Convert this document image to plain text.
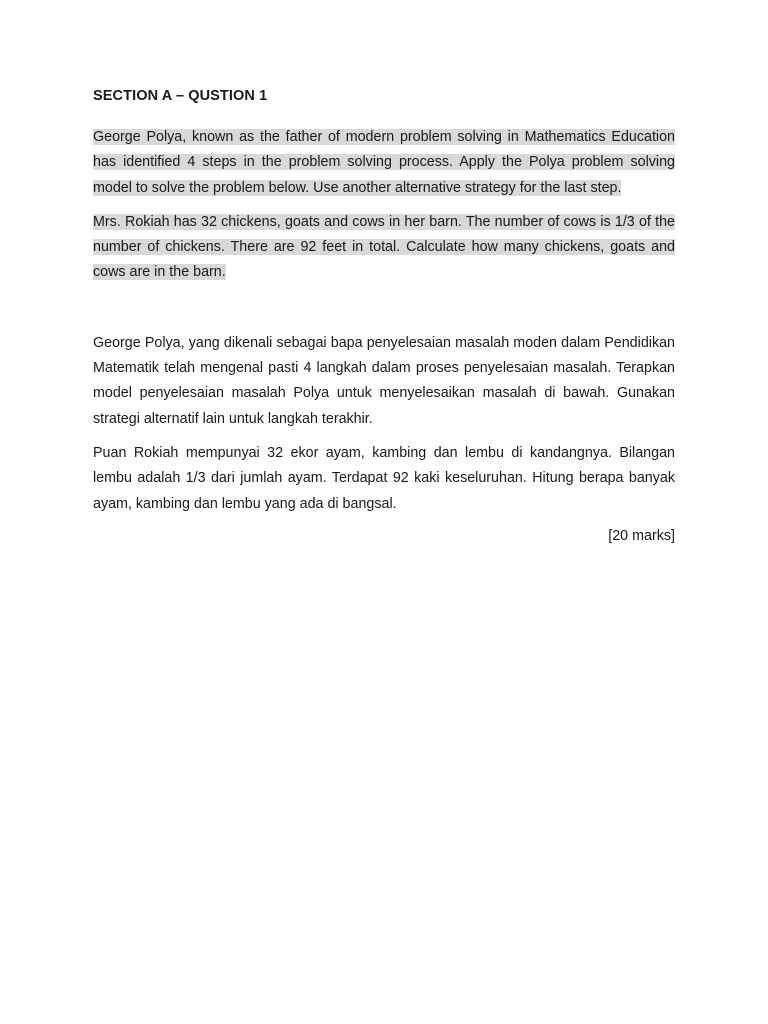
SECTION A – QUSTION 1

George Polya, known as the father of modern problem solving in Mathematics Education has identified 4 steps in the problem solving process. Apply the Polya problem solving model to solve the problem below. Use another alternative strategy for the last step.

Mrs. Rokiah has 32 chickens, goats and cows in her barn. The number of cows is 1/3 of the number of chickens. There are 92 feet in total. Calculate how many chickens, goats and cows are in the barn.

George Polya, yang dikenali sebagai bapa penyelesaian masalah moden dalam Pendidikan Matematik telah mengenal pasti 4 langkah dalam proses penyelesaian masalah. Terapkan model penyelesaian masalah Polya untuk menyelesaikan masalah di bawah. Gunakan strategi alternatif lain untuk langkah terakhir.

Puan Rokiah mempunyai 32 ekor ayam, kambing dan lembu di kandangnya. Bilangan lembu adalah 1/3 dari jumlah ayam. Terdapat 92 kaki keseluruhan. Hitung berapa banyak ayam, kambing dan lembu yang ada di bangsal.

[20 marks]
